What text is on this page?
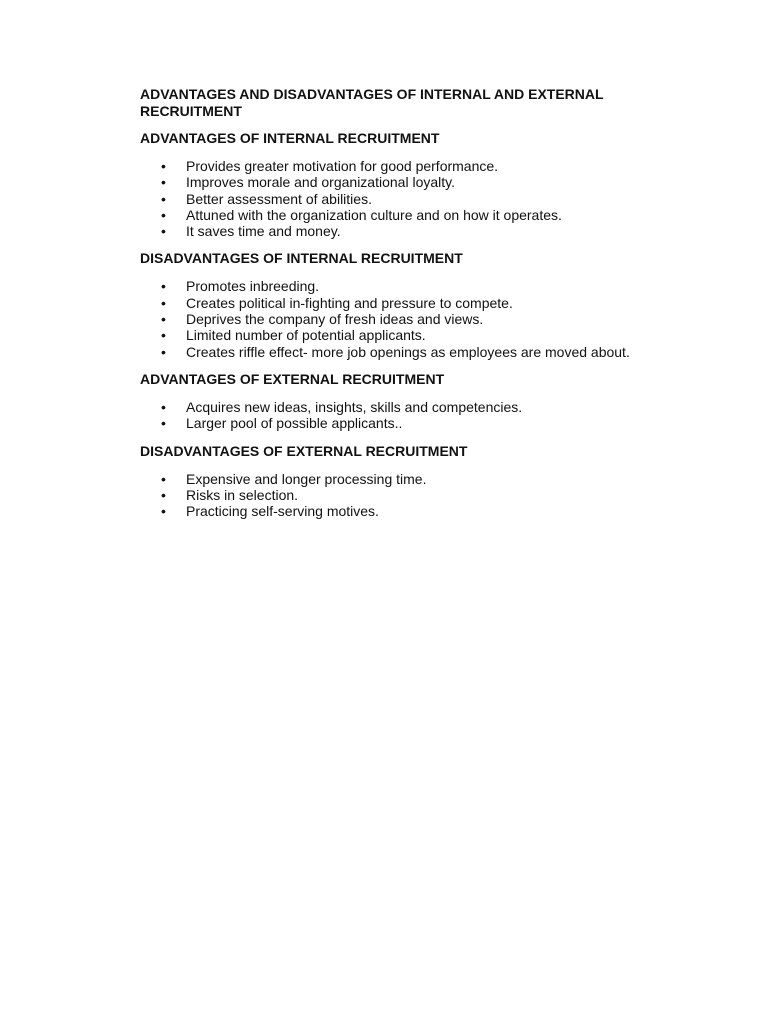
ADVANTAGES AND DISADVANTAGES OF INTERNAL AND EXTERNAL RECRUITMENT
ADVANTAGES OF INTERNAL RECRUITMENT
• Provides greater motivation for good performance.
• Improves morale and organizational loyalty.
• Better assessment of abilities.
• Attuned with the organization culture and on how it operates.
• It saves time and money.
DISADVANTAGES OF INTERNAL RECRUITMENT
• Promotes inbreeding.
• Creates political in-fighting and pressure to compete.
• Deprives the company of fresh ideas and views.
• Limited number of potential applicants.
• Creates riffle effect- more job openings as employees are moved about.
ADVANTAGES OF EXTERNAL RECRUITMENT
• Acquires new ideas, insights, skills and competencies.
• Larger pool of possible applicants..
DISADVANTAGES OF EXTERNAL RECRUITMENT
• Expensive and longer processing time.
• Risks in selection.
• Practicing self-serving motives.
